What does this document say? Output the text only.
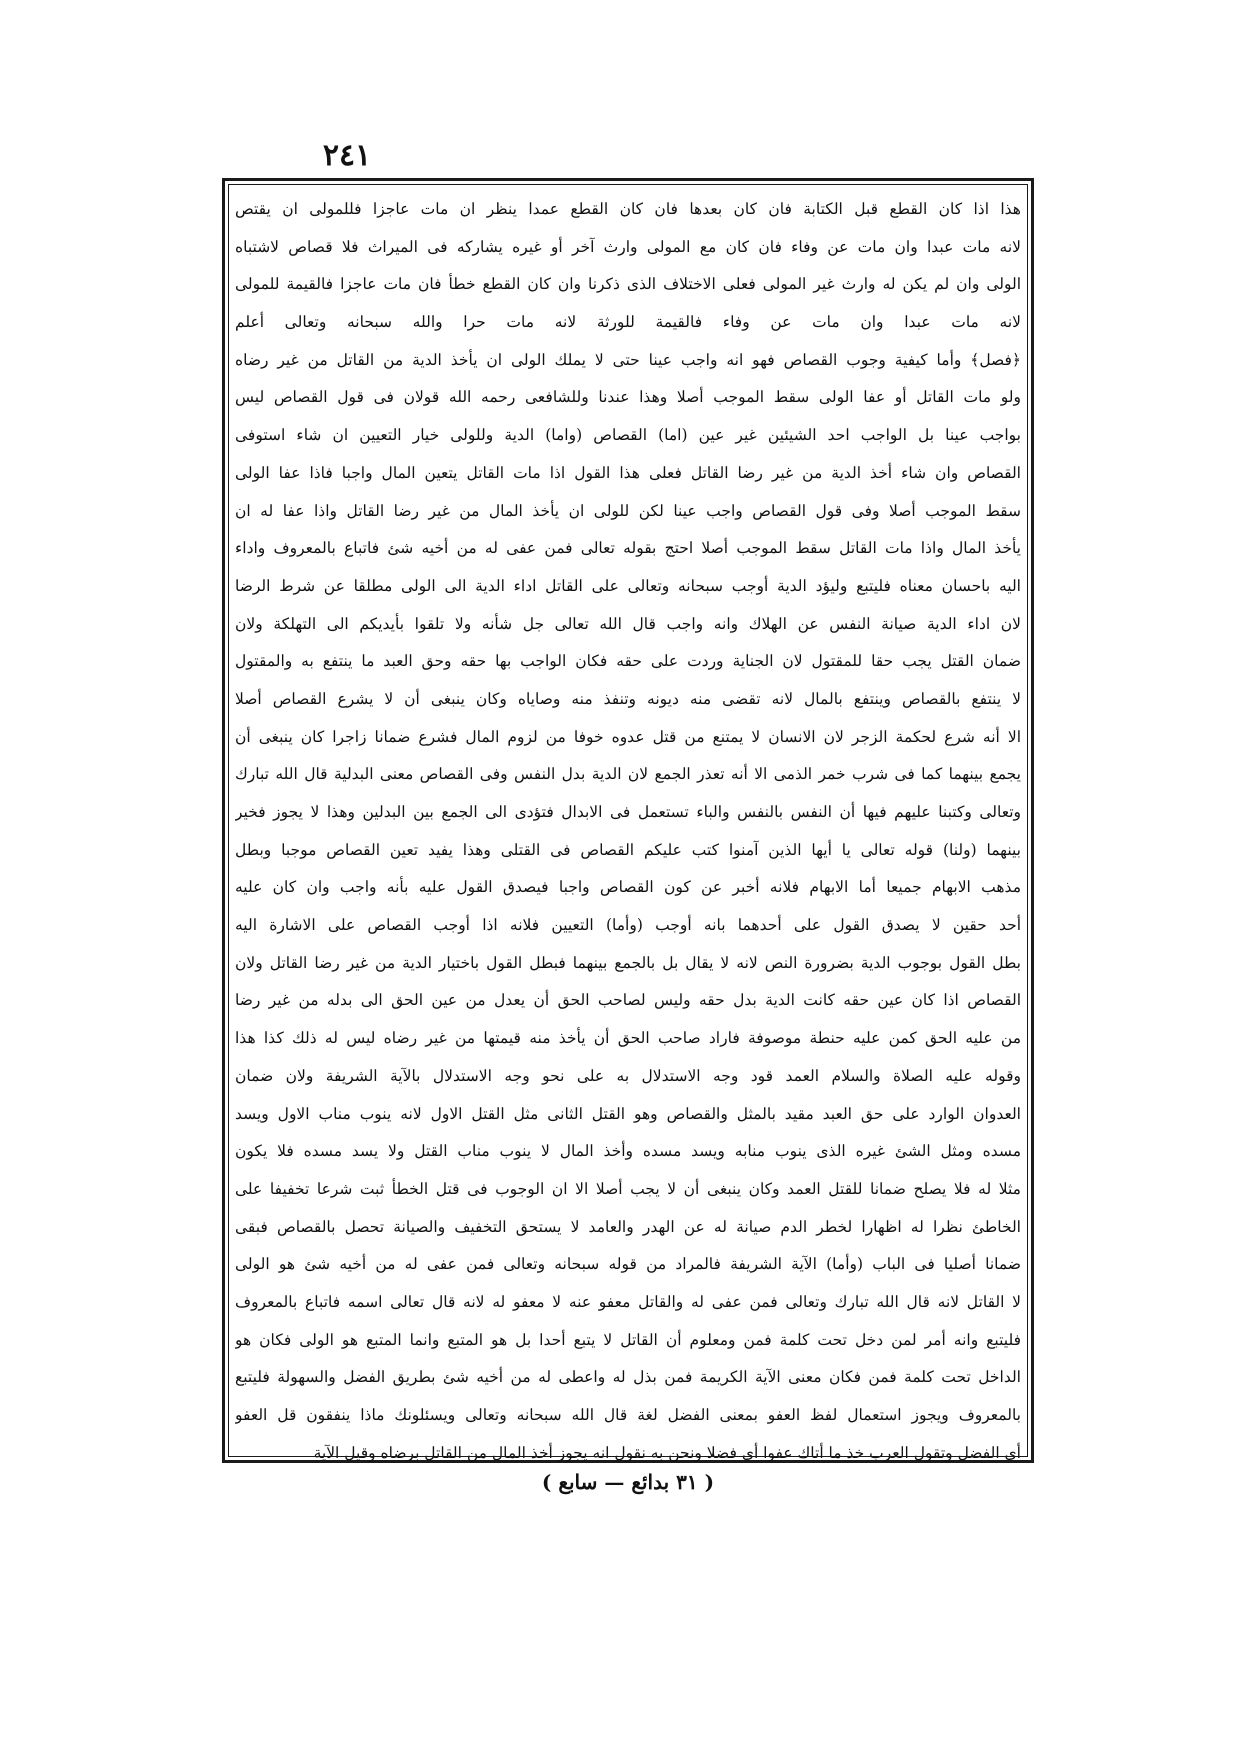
٢٤١
هذا اذا كان القطع قبل الكتابة فان كان بعدها فان كان القطع عمدا ينظر ان مات عاجزا فللمولى ان يقتص
لانه مات عبدا وان مات عن وفاء فان كان مع المولى وارث آخر أو غيره يشاركه فى الميراث فلا قصاص لاشتباه
الولى وان لم يكن له وارث غير المولى فعلى الاختلاف الذى ذكرنا وان كان القطع خطأ فان مات عاجزا فالقيمة للمولى
لانه مات عبدا وان مات عن وفاء فالقيمة للورثة لانه مات حرا والله سبحانه وتعالى أعلم
﴿فصل﴾ وأما كيفية وجوب القصاص فهو انه واجب عينا حتى لا يملك الولى ان يأخذ الدية من القاتل من غير رضاه
ولو مات القاتل أو عفا الولى سقط الموجب أصلا وهذا عندنا وللشافعى رحمه الله قولان فى قول القصاص ليس
بواجب عينا بل الواجب احد الشيئين غير عين (اما) القصاص (واما) الدية وللولى خيار التعيين ان شاء استوفى
القصاص وان شاء أخذ الدية من غير رضا القاتل فعلى هذا القول اذا مات القاتل يتعين المال واجبا فاذا عفا الولى
سقط الموجب أصلا وفى قول القصاص واجب عينا لكن للولى ان يأخذ المال من غير رضا القاتل واذا عفا له ان
يأخذ المال واذا مات القاتل سقط الموجب أصلا احتج بقوله تعالى فمن عفى له من أخيه شئ فاتباع بالمعروف واداء
اليه باحسان معناه فليتبع وليؤد الدية أوجب سبحانه وتعالى على القاتل اداء الدية الى الولى مطلقا عن شرط الرضا
لان اداء الدية صيانة النفس عن الهلاك وانه واجب قال الله تعالى جل شأنه ولا تلقوا بأيديكم الى التهلكة ولان
ضمان القتل يجب حقا للمقتول لان الجناية وردت على حقه فكان الواجب بها حقه وحق العبد ما ينتفع به والمقتول
لا ينتفع بالقصاص وينتفع بالمال لانه تقضى منه ديونه وتنفذ منه وصاياه وكان ينبغى أن لا يشرع القصاص أصلا
الا أنه شرع لحكمة الزجر لان الانسان لا يمتنع من قتل عدوه خوفا من لزوم المال فشرع ضمانا زاجرا كان ينبغى أن
يجمع بينهما كما فى شرب خمر الذمى الا أنه تعذر الجمع لان الدية بدل النفس وفى القصاص معنى البدلية قال الله تبارك
وتعالى وكتبنا عليهم فيها أن النفس بالنفس والباء تستعمل فى الابدال فتؤدى الى الجمع بين البدلين وهذا لا يجوز فخير
بينهما (ولنا) قوله تعالى يا أيها الذين آمنوا كتب عليكم القصاص فى القتلى وهذا يفيد تعين القصاص موجبا وبطل
مذهب الابهام جميعا أما الابهام فلانه أخبر عن كون القصاص واجبا فيصدق القول عليه بأنه واجب وان كان عليه
أحد حقين لا يصدق القول على أحدهما بانه أوجب (وأما) التعيين فلانه اذا أوجب القصاص على الاشارة اليه
بطل القول بوجوب الدية بضرورة النص لانه لا يقال بل بالجمع بينهما فبطل القول باختيار الدية من غير رضا القاتل ولان
القصاص اذا كان عين حقه كانت الدية بدل حقه وليس لصاحب الحق أن يعدل من عين الحق الى بدله من غير رضا
من عليه الحق كمن عليه حنطة موصوفة فاراد صاحب الحق أن يأخذ منه قيمتها من غير رضاه ليس له ذلك كذا هذا
وقوله عليه الصلاة والسلام العمد قود وجه الاستدلال به على نحو وجه الاستدلال بالآية الشريفة ولان ضمان
العدوان الوارد على حق العبد مقيد بالمثل والقصاص وهو القتل الثانى مثل القتل الاول لانه ينوب مناب الاول ويسد
مسده ومثل الشئ غيره الذى ينوب منابه ويسد مسده وأخذ المال لا ينوب مناب القتل ولا يسد مسده فلا يكون
مثلا له فلا يصلح ضمانا للقتل العمد وكان ينبغى أن لا يجب أصلا الا ان الوجوب فى قتل الخطأ ثبت شرعا تخفيفا على
الخاطئ نظرا له اظهارا لخطر الدم صيانة له عن الهدر والعامد لا يستحق التخفيف والصيانة تحصل بالقصاص فبقى
ضمانا أصليا فى الباب (وأما) الآية الشريفة فالمراد من قوله سبحانه وتعالى فمن عفى له من أخيه شئ هو الولى
لا القاتل لانه قال الله تبارك وتعالى فمن عفى له والقاتل معفو عنه لا معفو له لانه قال تعالى اسمه فاتباع بالمعروف
فليتبع وانه أمر لمن دخل تحت كلمة فمن ومعلوم أن القاتل لا يتبع أحدا بل هو المتبع وانما المتبع هو الولى فكان هو
الداخل تحت كلمة فمن فكان معنى الآية الكريمة فمن بذل له واعطى له من أخيه شئ بطريق الفضل والسهولة فليتبع
بالمعروف ويجوز استعمال لفظ العفو بمعنى الفضل لغة قال الله سبحانه وتعالى ويسئلونك ماذا ينفقون قل العفو
أى الفضل وتقول العرب خذ ما أتاك عفوا أى فضلا ونحن به نقول انه يجوز أخذ المال من القاتل برضاه وقيل الآية
( ٣١ بدائع — سابع )
